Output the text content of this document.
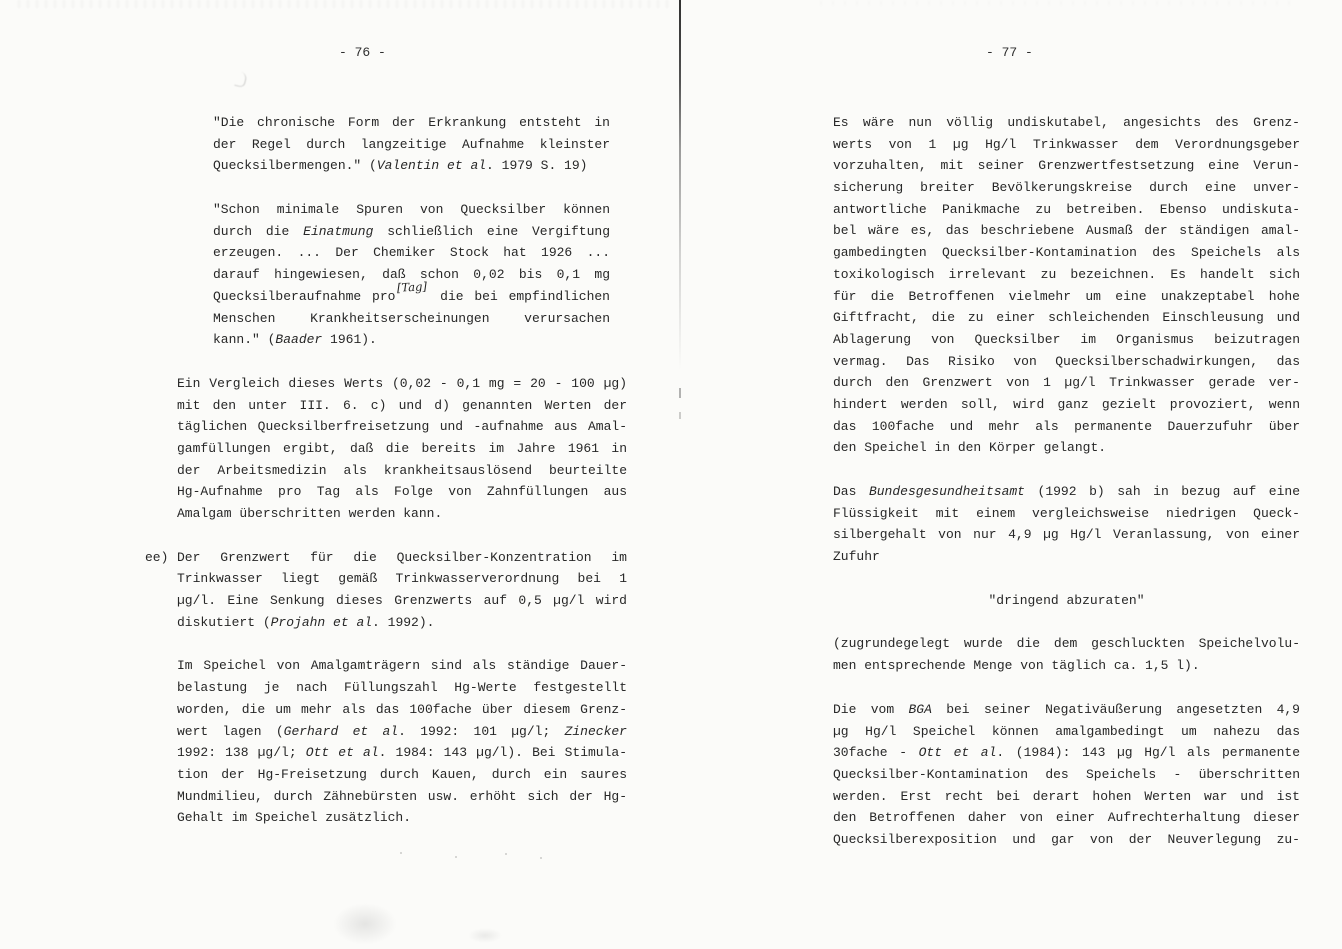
- 76 -
"Die chronische Form der Erkrankung entsteht in
der Regel durch langzeitige Aufnahme kleinster
Quecksilbermengen." (Valentin et al. 1979 S. 19)
"Schon minimale Spuren von Quecksilber können
durch die Einatmung schließlich eine Vergiftung
erzeugen. ... Der Chemiker Stock hat 1926 ...
darauf hingewiesen, daß schon 0,02 bis 0,1 mg
Quecksilberaufnahme pro[Tag] die bei empfindlichen
Menschen Krankheitserscheinungen verursachen
kann." (Baader 1961).
Ein Vergleich dieses Werts (0,02 - 0,1 mg = 20 - 100 µg)
mit den unter III. 6. c) und d) genannten Werten der
täglichen Quecksilberfreisetzung und -aufnahme aus Amal-
gamfüllungen ergibt, daß die bereits im Jahre 1961 in
der Arbeitsmedizin als krankheitsauslösend beurteilte
Hg-Aufnahme pro Tag als Folge von Zahnfüllungen aus
Amalgam überschritten werden kann.
ee) Der Grenzwert für die Quecksilber-Konzentration im
Trinkwasser liegt gemäß Trinkwasserverordnung bei 1
µg/l. Eine Senkung dieses Grenzwerts auf 0,5 µg/l wird
diskutiert (Projahn et al. 1992).
Im Speichel von Amalgamträgern sind als ständige Dauer-
belastung je nach Füllungszahl Hg-Werte festgestellt
worden, die um mehr als das 100fache über diesem Grenz-
wert lagen (Gerhard et al. 1992: 101 µg/l; Zinecker
1992: 138 µg/l; Ott et al. 1984: 143 µg/l). Bei Stimula-
tion der Hg-Freisetzung durch Kauen, durch ein saures
Mundmilieu, durch Zähnebürsten usw. erhöht sich der Hg-
Gehalt im Speichel zusätzlich.
- 77 -
Es wäre nun völlig undiskutabel, angesichts des Grenz-
werts von 1 µg Hg/l Trinkwasser dem Verordnungsgeber
vorzuhalten, mit seiner Grenzwertfestsetzung eine Verun-
sicherung breiter Bevölkerungskreise durch eine unver-
antwortliche Panikmache zu betreiben. Ebenso undiskuta-
bel wäre es, das beschriebene Ausmaß der ständigen amal-
gambedingten Quecksilber-Kontamination des Speichels als
toxikologisch irrelevant zu bezeichnen. Es handelt sich
für die Betroffenen vielmehr um eine unakzeptabel hohe
Giftfracht, die zu einer schleichenden Einschleusung und
Ablagerung von Quecksilber im Organismus beizutragen
vermag. Das Risiko von Quecksilberschadwirkungen, das
durch den Grenzwert von 1 µg/l Trinkwasser gerade ver-
hindert werden soll, wird ganz gezielt provoziert, wenn
das 100fache und mehr als permanente Dauerzufuhr über
den Speichel in den Körper gelangt.
Das Bundesgesundheitsamt (1992 b) sah in bezug auf eine
Flüssigkeit mit einem vergleichsweise niedrigen Queck-
silbergehalt von nur 4,9 µg Hg/l Veranlassung, von einer
Zufuhr
"dringend abzuraten"
(zugrundegelegt wurde die dem geschluckten Speichelvolu-
men entsprechende Menge von täglich ca. 1,5 l).
Die vom BGA bei seiner Negativäußerung angesetzten 4,9
µg Hg/l Speichel können amalgambedingt um nahezu das
30fache - Ott et al. (1984): 143 µg Hg/l als permanente
Quecksilber-Kontamination des Speichels - überschritten
werden. Erst recht bei derart hohen Werten war und ist
den Betroffenen daher von einer Aufrechterhaltung dieser
Quecksilberexposition und gar von der Neuverlegung zu-
